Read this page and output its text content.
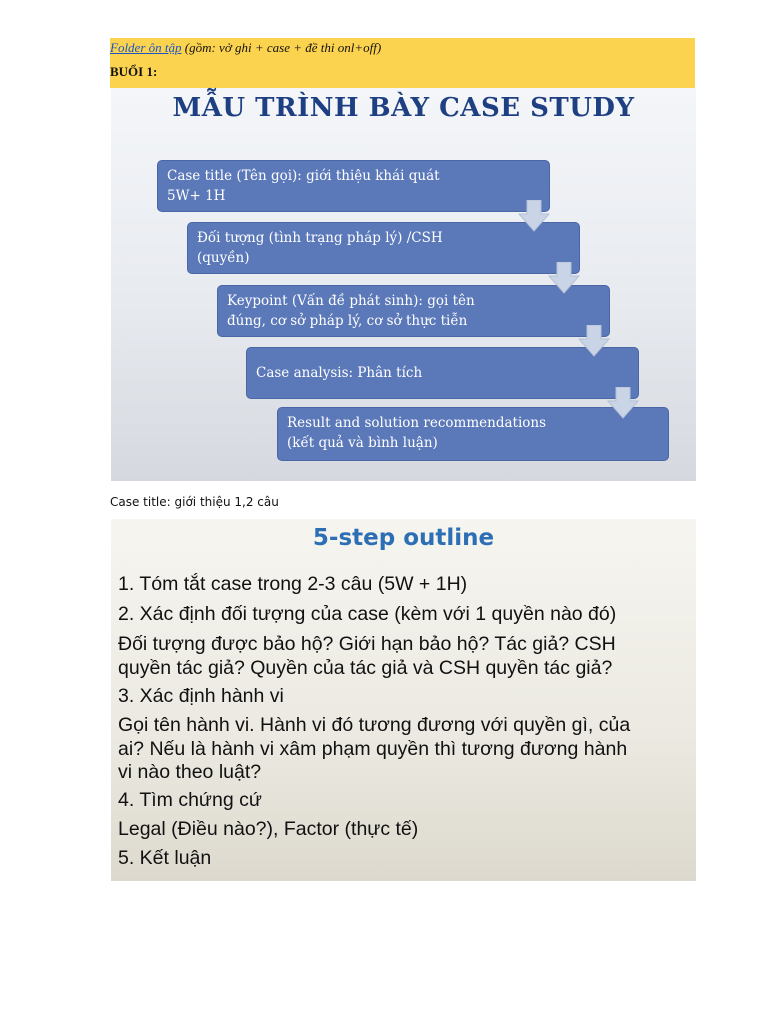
Folder ôn tập (gồm: vở ghi + case + đề thi onl+off)
BUỔI 1:
MẪU TRÌNH BÀY CASE STUDY
Case title (Tên gọi): giới thiệu khái quát
5W+ 1H
Đối tượng (tình trạng pháp lý) /CSH
(quyền)
Keypoint (Vấn đề phát sinh): gọi tên
đúng, cơ sở pháp lý, cơ sở thực tiễn
Case analysis: Phân tích
Result and solution recommendations
(kết quả và bình luận)
Case title: giới thiệu 1,2 câu
5-step outline
1. Tóm tắt case trong 2-3 câu (5W + 1H)
2. Xác định đối tượng của case (kèm với 1 quyền nào đó)
Đối tượng được bảo hộ? Giới hạn bảo hộ? Tác giả? CSH
quyền tác giả? Quyền của tác giả và CSH quyền tác giả?
3. Xác định hành vi
Gọi tên hành vi. Hành vi đó tương đương với quyền gì, của
ai? Nếu là hành vi xâm phạm quyền thì tương đương hành
vi nào theo luật?
4. Tìm chứng cứ
Legal (Điều nào?), Factor (thực tế)
5. Kết luận
